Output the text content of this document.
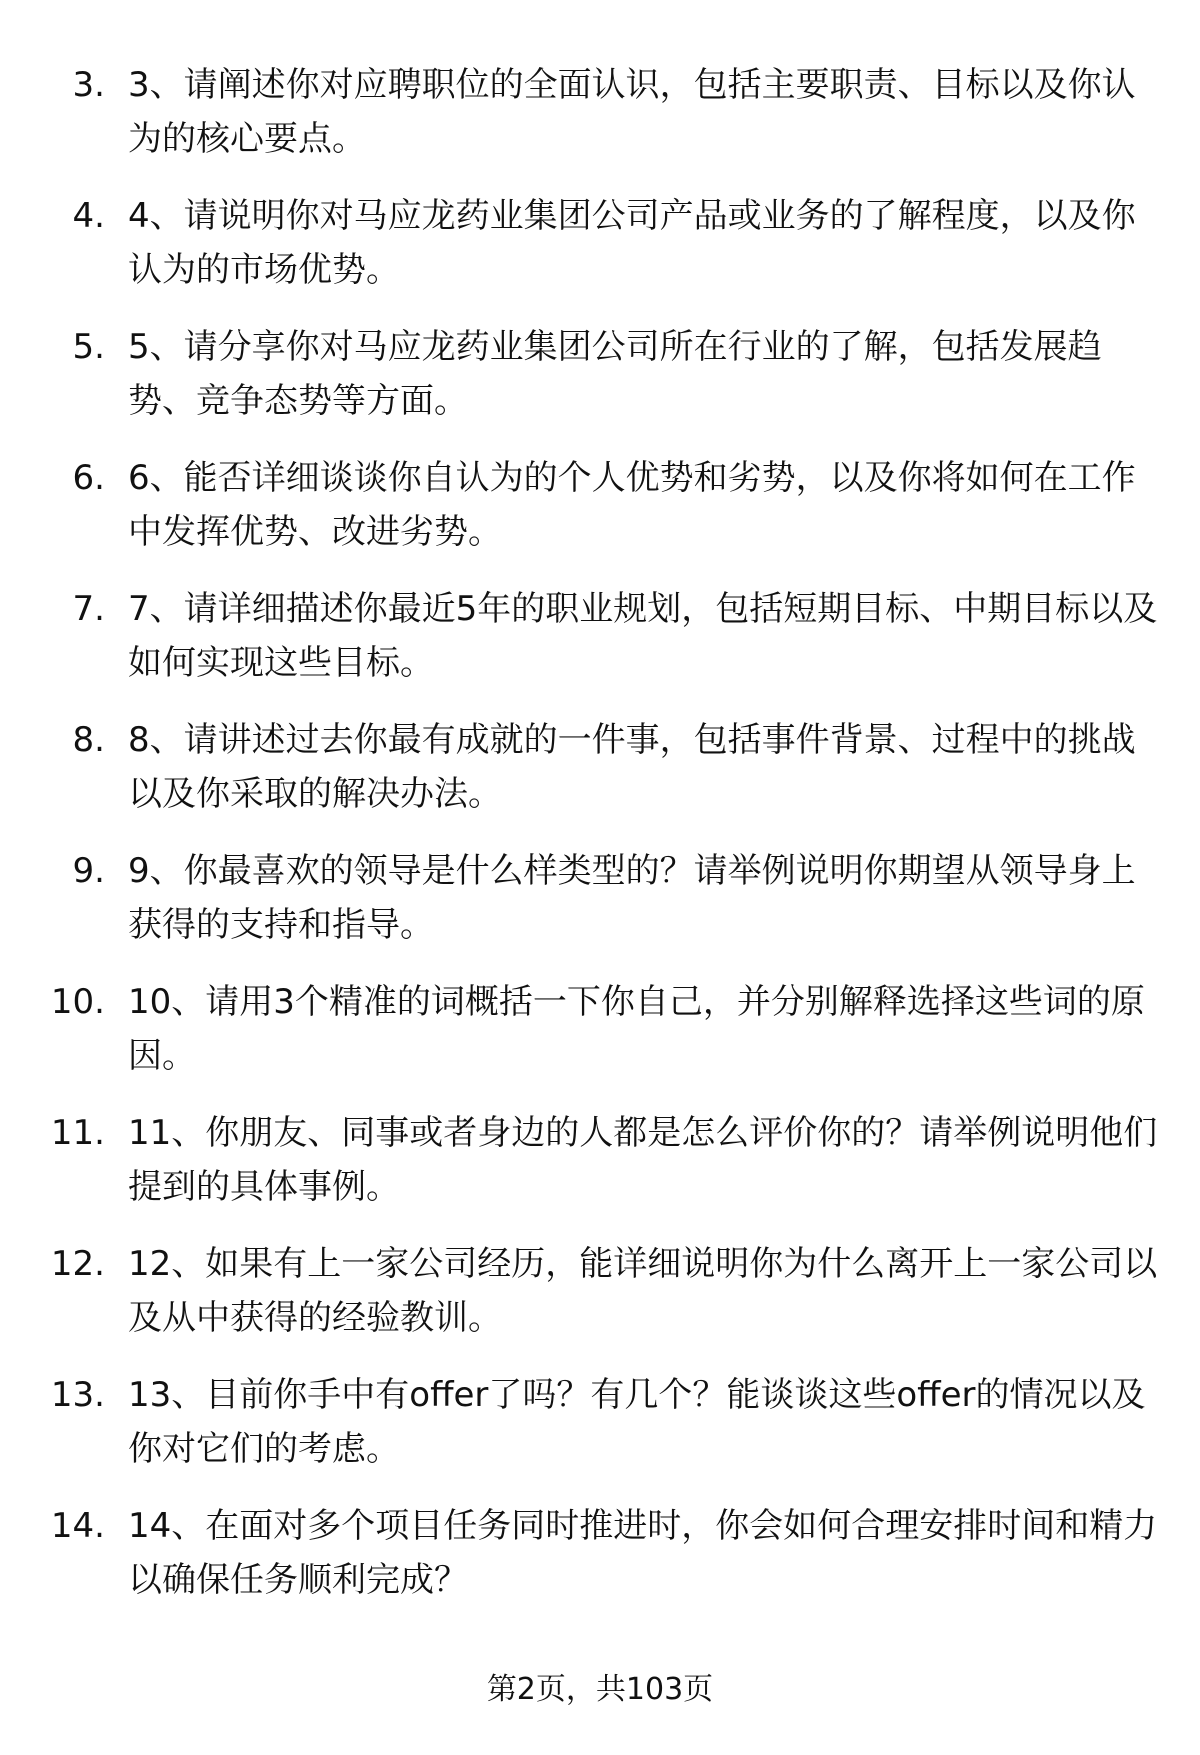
3. 3、请阐述你对应聘职位的全面认识，包括主要职责、目标以及你认为的核心要点。
4. 4、请说明你对马应龙药业集团公司产品或业务的了解程度，以及你认为的市场优势。
5. 5、请分享你对马应龙药业集团公司所在行业的了解，包括发展趋势、竞争态势等方面。
6. 6、能否详细谈谈你自认为的个人优势和劣势，以及你将如何在工作中发挥优势、改进劣势。
7. 7、请详细描述你最近5年的职业规划，包括短期目标、中期目标以及如何实现这些目标。
8. 8、请讲述过去你最有成就的一件事，包括事件背景、过程中的挑战以及你采取的解决办法。
9. 9、你最喜欢的领导是什么样类型的？请举例说明你期望从领导身上获得的支持和指导。
10. 10、请用3个精准的词概括一下你自己，并分别解释选择这些词的原因。
11. 11、你朋友、同事或者身边的人都是怎么评价你的？请举例说明他们提到的具体事例。
12. 12、如果有上一家公司经历，能详细说明你为什么离开上一家公司以及从中获得的经验教训。
13. 13、目前你手中有offer了吗？有几个？能谈谈这些offer的情况以及你对它们的考虑。
14. 14、在面对多个项目任务同时推进时，你会如何合理安排时间和精力以确保任务顺利完成？
第2页，共103页
